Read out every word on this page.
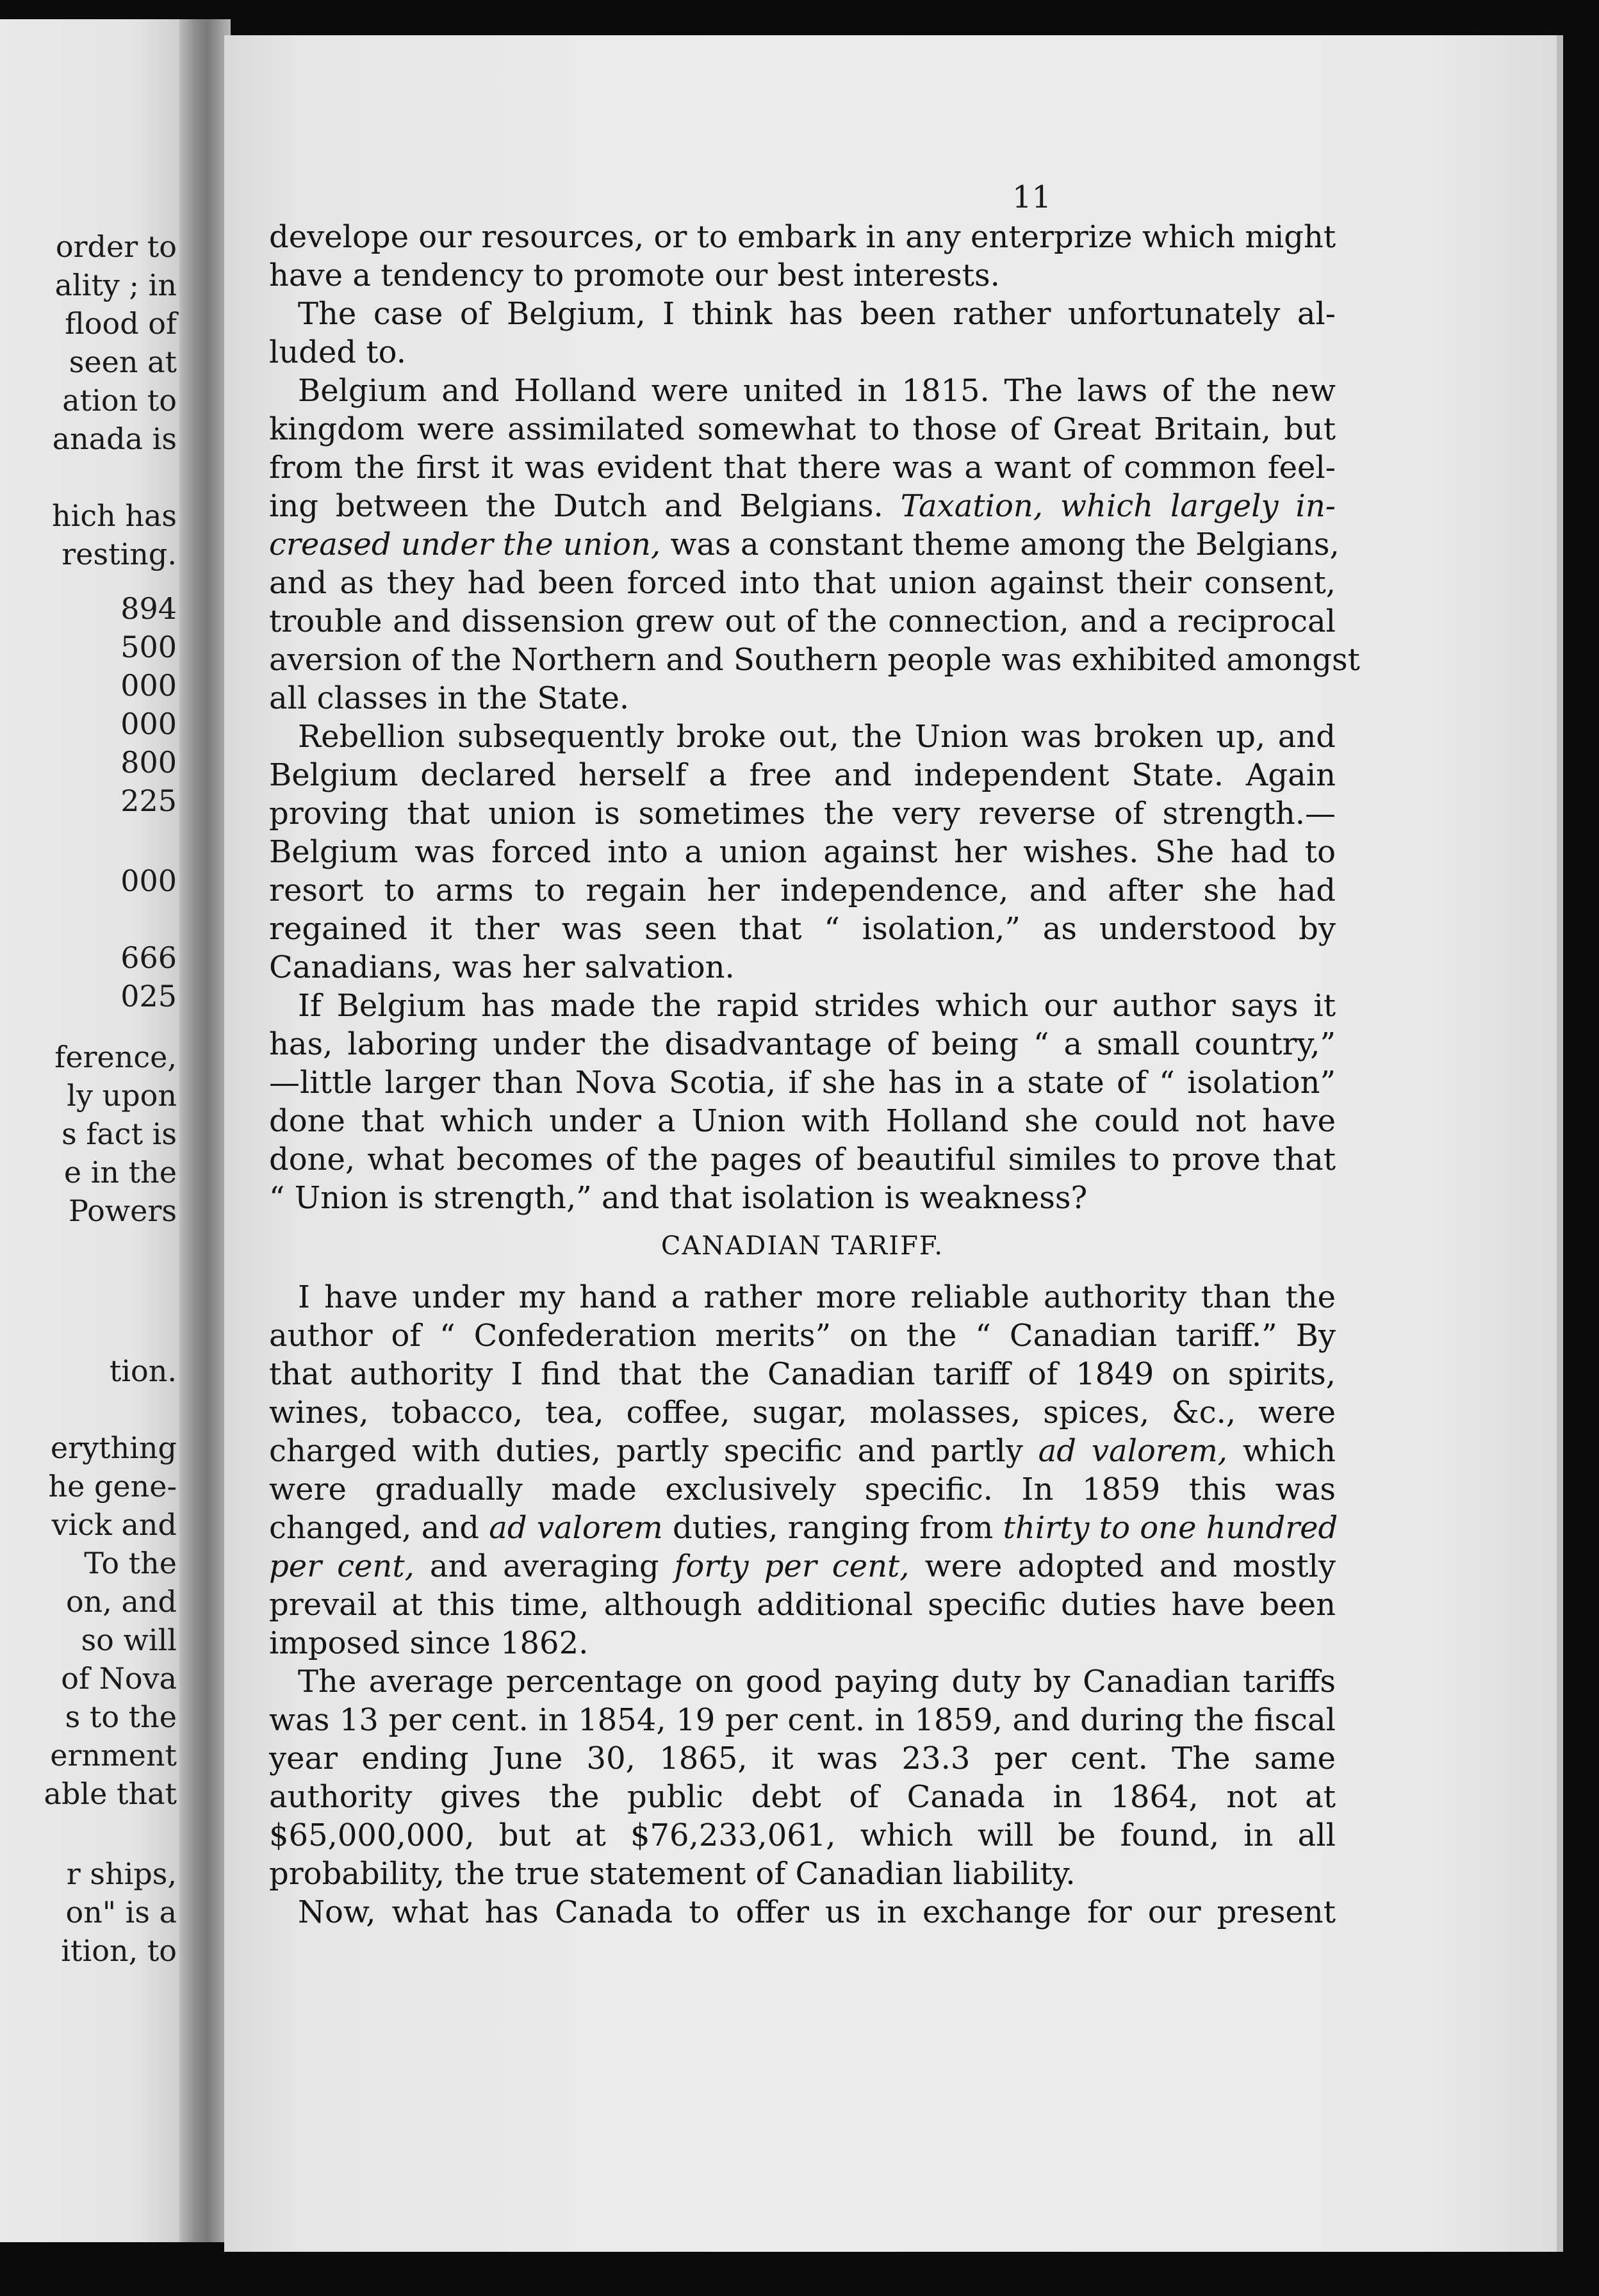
order to
ality ; in
flood of
seen at
ation to
anada is
hich has
resting.
894
500
000
000
800
225
000
666
025
ference,
ly upon
s fact is
e in the
Powers
tion.
erything
he gene-
vick and
To the
on, and
so will
of Nova
s to the
ernment
able that
r ships,
on" is a
ition, to
11
develope our resources, or to embark in any enterprize which might
have a tendency to promote our best interests.
The case of Belgium, I think has been rather unfortunately al-
luded to.
Belgium and Holland were united in 1815. The laws of the new
kingdom were assimilated somewhat to those of Great Britain, but
from the first it was evident that there was a want of common feel-
ing between the Dutch and Belgians. Taxation, which largely in-
creased under the union, was a constant theme among the Belgians,
and as they had been forced into that union against their consent,
trouble and dissension grew out of the connection, and a reciprocal
aversion of the Northern and Southern people was exhibited amongst
all classes in the State.
Rebellion subsequently broke out, the Union was broken up, and
Belgium declared herself a free and independent State. Again
proving that union is sometimes the very reverse of strength.—
Belgium was forced into a union against her wishes. She had to
resort to arms to regain her independence, and after she had
regained it ther was seen that “ isolation,” as understood by
Canadians, was her salvation.
If Belgium has made the rapid strides which our author says it
has, laboring under the disadvantage of being “ a small country,”
—little larger than Nova Scotia, if she has in a state of “ isolation”
done that which under a Union with Holland she could not have
done, what becomes of the pages of beautiful similes to prove that
“ Union is strength,” and that isolation is weakness?
CANADIAN TARIFF.
I have under my hand a rather more reliable authority than the
author of “ Confederation merits” on the “ Canadian tariff.” By
that authority I find that the Canadian tariff of 1849 on spirits,
wines, tobacco, tea, coffee, sugar, molasses, spices, &c., were
charged with duties, partly specific and partly ad valorem, which
were gradually made exclusively specific. In 1859 this was
changed, and ad valorem duties, ranging from thirty to one hundred
per cent, and averaging forty per cent, were adopted and mostly
prevail at this time, although additional specific duties have been
imposed since 1862.
The average percentage on good paying duty by Canadian tariffs
was 13 per cent. in 1854, 19 per cent. in 1859, and during the fiscal
year ending June 30, 1865, it was 23.3 per cent. The same
authority gives the public debt of Canada in 1864, not at
$65,000,000, but at $76,233,061, which will be found, in all
probability, the true statement of Canadian liability.
Now, what has Canada to offer us in exchange for our present
